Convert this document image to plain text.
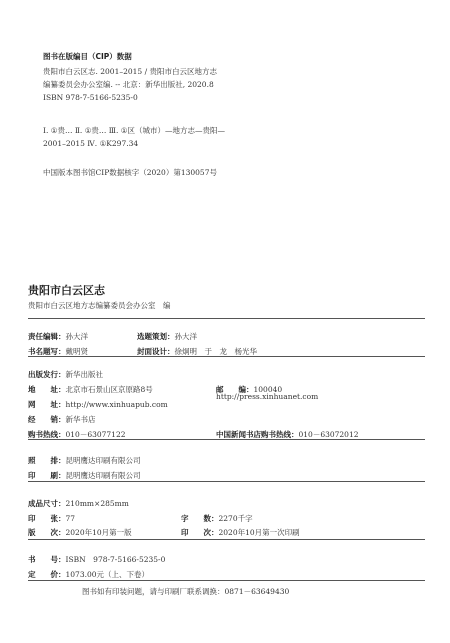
图书在版编目（CIP）数据
贵阳市白云区志. 2001–2015 / 贵阳市白云区地方志
编纂委员会办公室编. -- 北京：新华出版社, 2020.8
ISBN 978-7-5166-5235-0
Ⅰ. ①贵… Ⅱ. ①贵… Ⅲ. ①区（城市）—地方志—贵阳—
2001–2015 Ⅳ. ①K297.34
中国版本图书馆CIP数据核字（2020）第130057号
贵阳市白云区志
贵阳市白云区地方志编纂委员会办公室　编
责任编辑：孙大洋	选题策划：孙大洋
书名题写：戴明贤	封面设计：徐炯明　于　龙　杨光华
出版发行：新华出版社
地　　址：北京市石景山区京原路8号	邮　　编：100040
网　　址：http://www.xinhuapub.com
http://press.xinhuanet.com
经　　销：新华书店
购书热线：010－63077122	中国新闻书店购书热线：010－63072012
照　　排：昆明鹰达印刷有限公司
印　　刷：昆明鹰达印刷有限公司
成品尺寸：210mm×285mm
印　　张：77	字　　数：2270千字
版　　次：2020年10月第一版	印　　次：2020年10月第一次印刷
书　　号：ISBN　978-7-5166-5235-0
定　　价：1073.00元（上、下卷）
图书如有印装问题，请与印刷厂联系调换：0871－63649430
